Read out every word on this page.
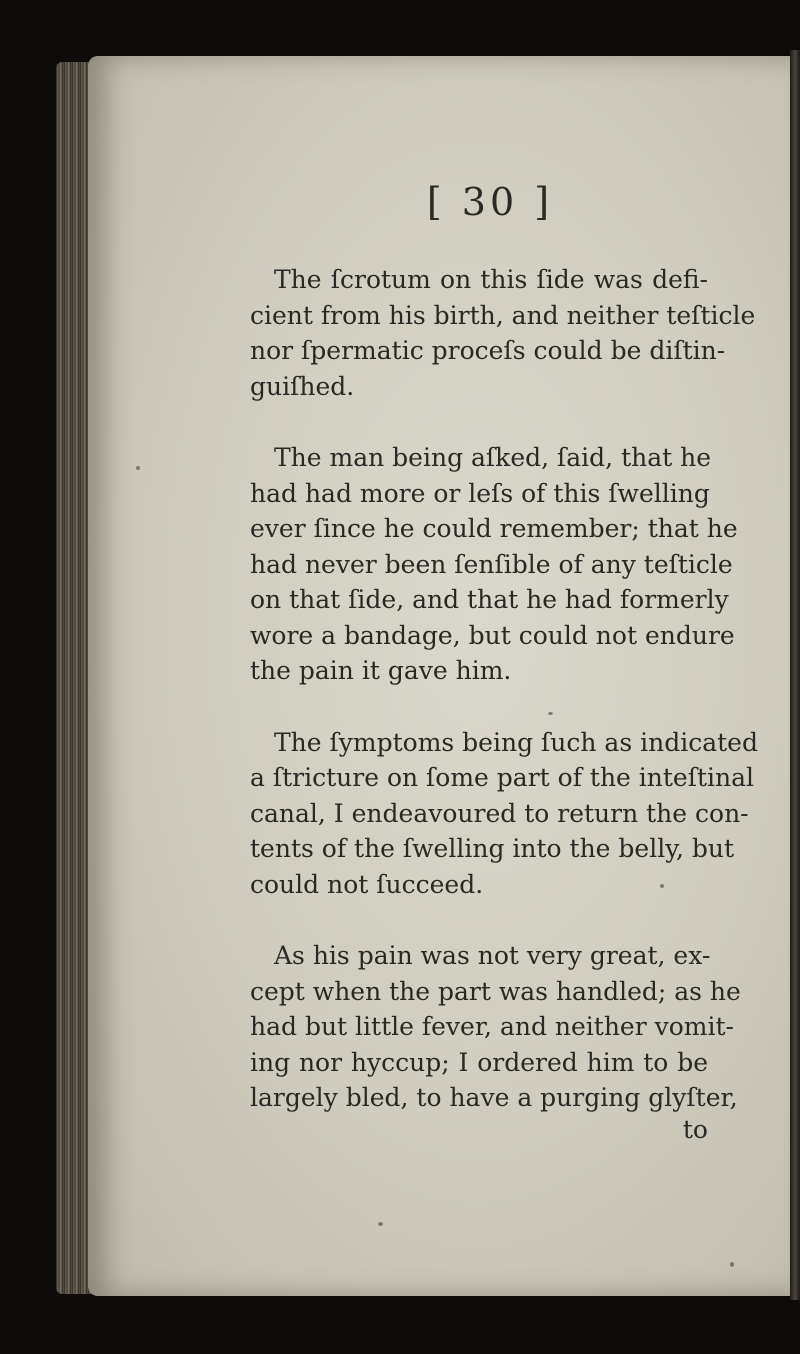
[ 30 ]

The ſcrotum on this ſide was defi-
cient from his birth, and neither teſticle
nor ſpermatic proceſs could be diſtin-
guiſhed.

The man being aſked, ſaid, that he
had had more or leſs of this ſwelling
ever ſince he could remember; that he
had never been ſenſible of any teſticle
on that ſide, and that he had formerly
wore a bandage, but could not endure
the pain it gave him.

The ſymptoms being ſuch as indicated
a ſtricture on ſome part of the inteſtinal
canal, I endeavoured to return the con-
tents of the ſwelling into the belly, but
could not ſucceed.

As his pain was not very great, ex-
cept when the part was handled; as he
had but little fever, and neither vomit-
ing nor hyccup; I ordered him to be
largely bled, to have a purging glyſter,

to
